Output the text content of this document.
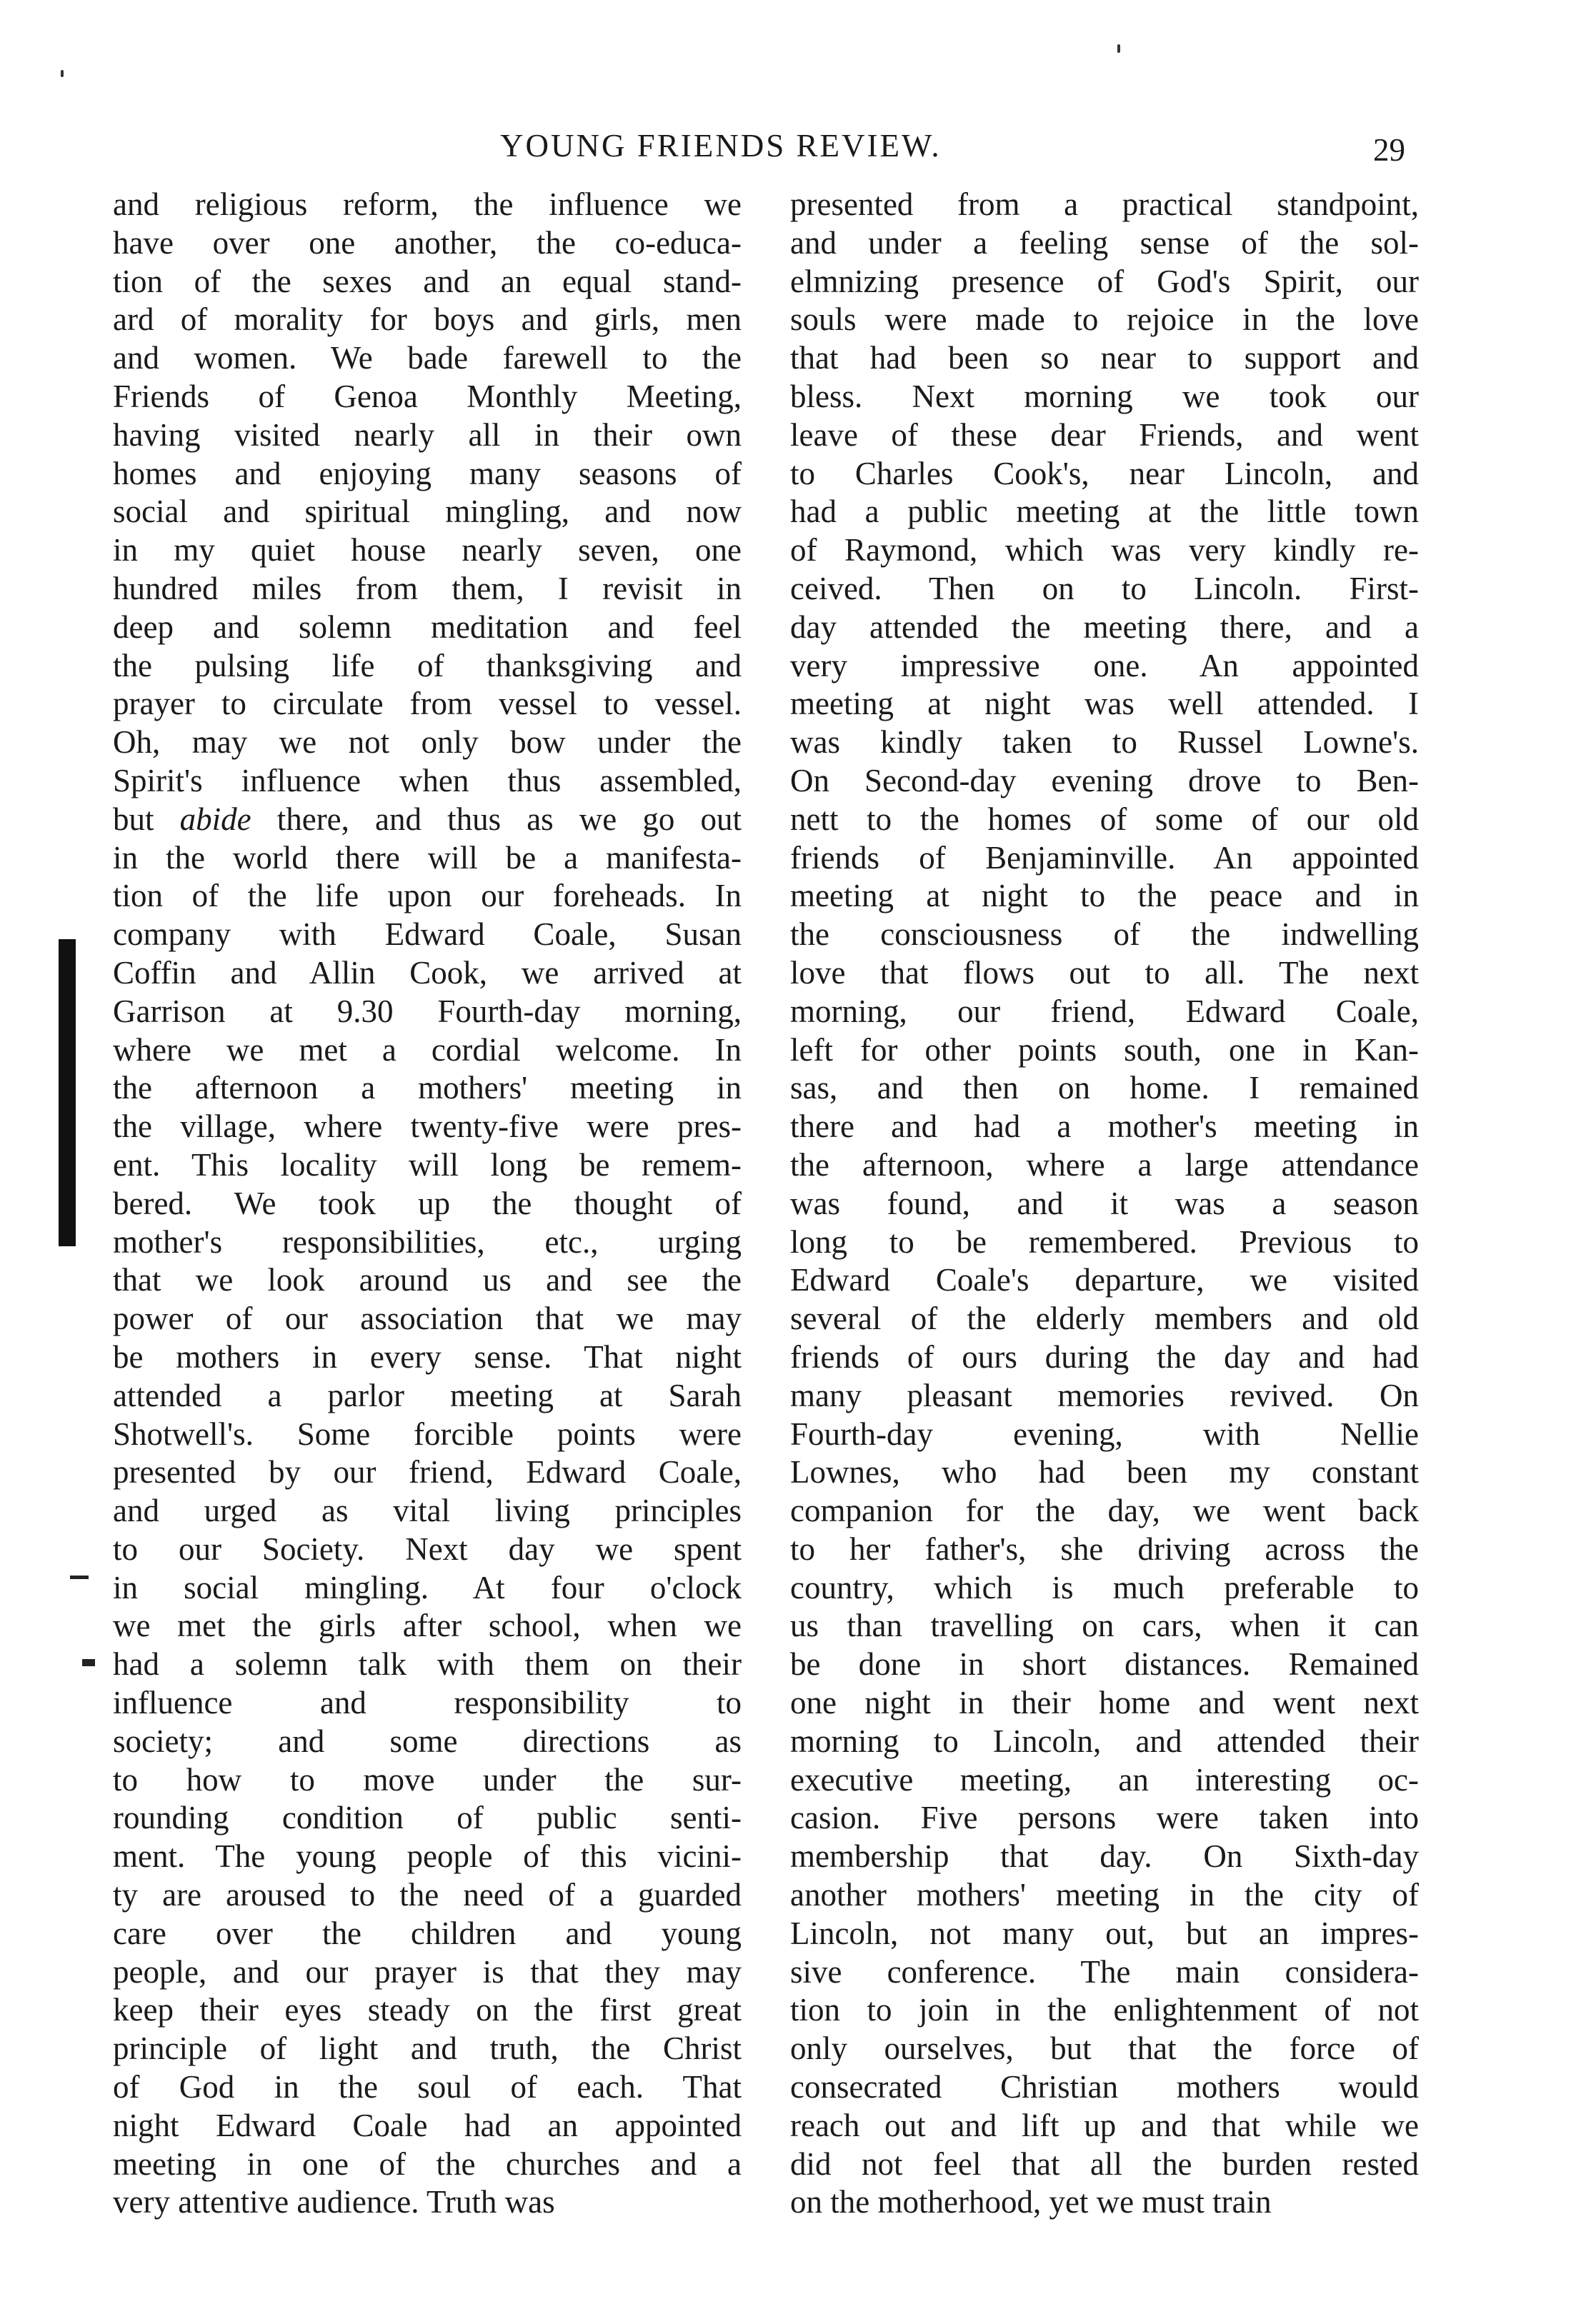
YOUNG FRIENDS REVIEW.	29
and religious reform, the influence we
have over one another, the co-educa-
tion of the sexes and an equal stand-
ard of morality for boys and girls, men
and women. We bade farewell to the
Friends of Genoa Monthly Meeting,
having visited nearly all in their own
homes and enjoying many seasons of
social and spiritual mingling, and now
in my quiet house nearly seven, one
hundred miles from them, I revisit in
deep and solemn meditation and feel
the pulsing life of thanksgiving and
prayer to circulate from vessel to vessel.
Oh, may we not only bow under the
Spirit's influence when thus assembled,
but abide there, and thus as we go out
in the world there will be a manifesta-
tion of the life upon our foreheads. In
company with Edward Coale, Susan
Coffin and Allin Cook, we arrived at
Garrison at 9.30 Fourth-day morning,
where we met a cordial welcome. In
the afternoon a mothers' meeting in
the village, where twenty-five were pres-
ent. This locality will long be remem-
bered. We took up the thought of
mother's responsibilities, etc., urging
that we look around us and see the
power of our association that we may
be mothers in every sense. That night
attended a parlor meeting at Sarah
Shotwell's. Some forcible points were
presented by our friend, Edward Coale,
and urged as vital living principles
to our Society. Next day we spent
in social mingling. At four o'clock
we met the girls after school, when we
had a solemn talk with them on their
influence and responsibility to
society; and some directions as
to how to move under the sur-
rounding condition of public senti-
ment. The young people of this vicini-
ty are aroused to the need of a guarded
care over the children and young
people, and our prayer is that they may
keep their eyes steady on the first great
principle of light and truth, the Christ
of God in the soul of each. That
night Edward Coale had an appointed
meeting in one of the churches and a
very attentive audience. Truth was
presented from a practical standpoint,
and under a feeling sense of the sol-
elmnizing presence of God's Spirit, our
souls were made to rejoice in the love
that had been so near to support and
bless. Next morning we took our
leave of these dear Friends, and went
to Charles Cook's, near Lincoln, and
had a public meeting at the little town
of Raymond, which was very kindly re-
ceived. Then on to Lincoln. First-
day attended the meeting there, and a
very impressive one. An appointed
meeting at night was well attended. I
was kindly taken to Russel Lowne's.
On Second-day evening drove to Ben-
nett to the homes of some of our old
friends of Benjaminville. An appointed
meeting at night to the peace and in
the consciousness of the indwelling
love that flows out to all. The next
morning, our friend, Edward Coale,
left for other points south, one in Kan-
sas, and then on home. I remained
there and had a mother's meeting in
the afternoon, where a large attendance
was found, and it was a season
long to be remembered. Previous to
Edward Coale's departure, we visited
several of the elderly members and old
friends of ours during the day and had
many pleasant memories revived. On
Fourth-day evening, with Nellie
Lownes, who had been my constant
companion for the day, we went back
to her father's, she driving across the
country, which is much preferable to
us than travelling on cars, when it can
be done in short distances. Remained
one night in their home and went next
morning to Lincoln, and attended their
executive meeting, an interesting oc-
casion. Five persons were taken into
membership that day. On Sixth-day
another mothers' meeting in the city of
Lincoln, not many out, but an impres-
sive conference. The main considera-
tion to join in the enlightenment of not
only ourselves, but that the force of
consecrated Christian mothers would
reach out and lift up and that while we
did not feel that all the burden rested
on the motherhood, yet we must train
